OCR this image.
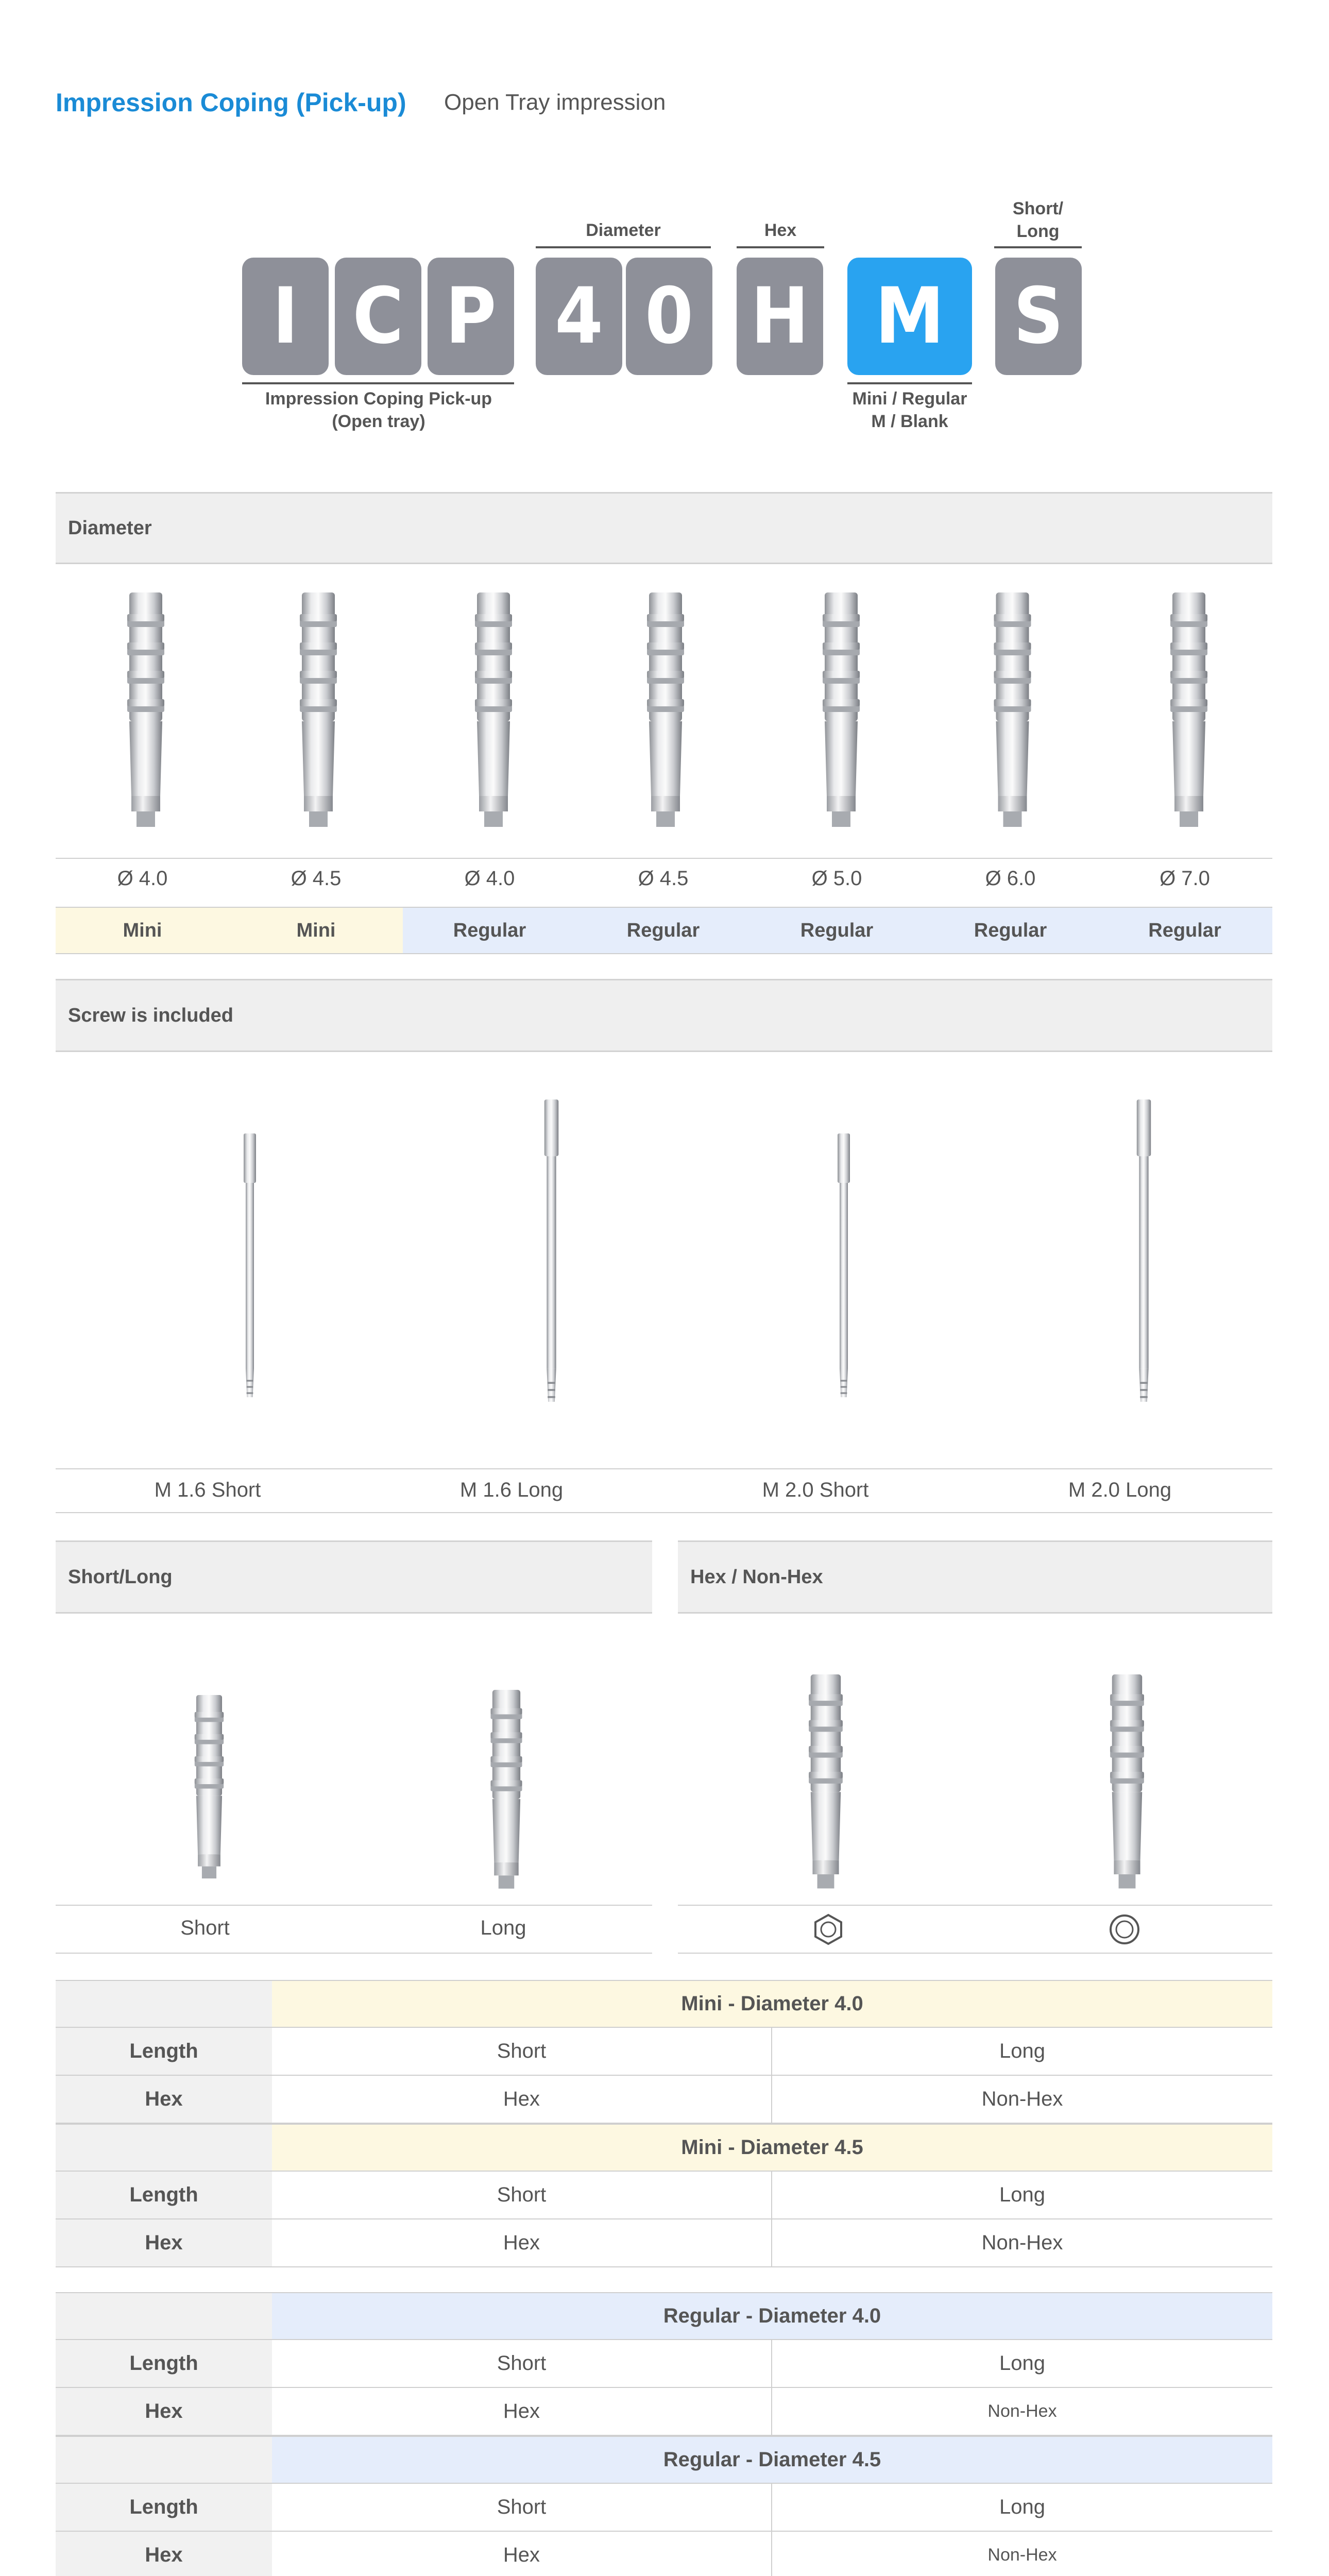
Impression Coping (Pick-up) Open Tray impression
Diameter	Hex
Short/
Long
I C P 4 0 H M S
Impression Coping Pick-up
(Open tray)
Mini / Regular
M / Blank
Diameter
Ø 4.0	Ø 4.5	Ø 4.0	Ø 4.5	Ø 5.0	Ø 6.0	Ø 7.0
Mini	Mini	Regular	Regular	Regular	Regular	Regular
Screw is included
M 1.6 Short	M 1.6 Long	M 2.0 Short	M 2.0 Long
Short/Long	Hex / Non-Hex
Short	Long
Mini - Diameter 4.0
Length	Short	Long
Hex	Hex	Non-Hex
Mini - Diameter 4.5
Length	Short	Long
Hex	Hex	Non-Hex
Regular - Diameter 4.0
Length	Short	Long
Hex	Hex	Non-Hex
Regular - Diameter 4.5
Length	Short	Long
Hex	Hex	Non-Hex
